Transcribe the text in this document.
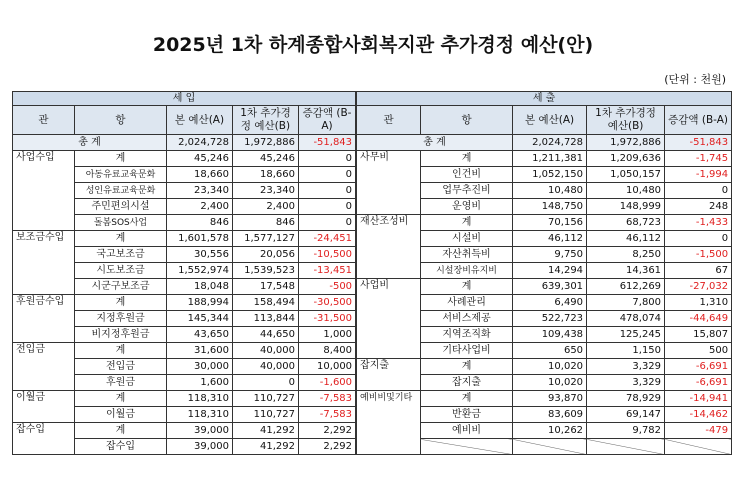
2025년 1차 하계종합사회복지관 추가경정 예산(안)
(단위 : 천원)
세 입				
관	항	본 예산(A)	1차 추가경정 예산(B)	증감액 (B-A)
총 계		2,024,728	1,972,886	-51,843
사업수입	계	45,246	45,246	0
	아동유료교육문화	18,660	18,660	0
	성인유료교육문화	23,340	23,340	0
	주민편의시설	2,400	2,400	0
	돌봄SOS사업	846	846	0
보조금수입	계	1,601,578	1,577,127	-24,451
	국고보조금	30,556	20,056	-10,500
	시도보조금	1,552,974	1,539,523	-13,451
	시군구보조금	18,048	17,548	-500
후원금수입	계	188,994	158,494	-30,500
	지정후원금	145,344	113,844	-31,500
	비지정후원금	43,650	44,650	1,000
전입금	계	31,600	40,000	8,400
	전입금	30,000	40,000	10,000
	후원금	1,600	0	-1,600
이월금	계	118,310	110,727	-7,583
	이월금	118,310	110,727	-7,583
잡수입	계	39,000	41,292	2,292
	잡수입	39,000	41,292	2,292
세 출				
관	항	본 예산(A)	1차 추가경정 예산(B)	증감액 (B-A)
총 계		2,024,728	1,972,886	-51,843
사무비	계	1,211,381	1,209,636	-1,745
	인건비	1,052,150	1,050,157	-1,994
	업무추진비	10,480	10,480	0
	운영비	148,750	148,999	248
재산조성비	계	70,156	68,723	-1,433
	시설비	46,112	46,112	0
	자산취득비	9,750	8,250	-1,500
	시설장비유지비	14,294	14,361	67
사업비	계	639,301	612,269	-27,032
	사례관리	6,490	7,800	1,310
	서비스제공	522,723	478,074	-44,649
	지역조직화	109,438	125,245	15,807
	기타사업비	650	1,150	500
잡지출	계	10,020	3,329	-6,691
	잡지출	10,020	3,329	-6,691
예비비및기타	계	93,870	78,929	-14,941
	반환금	83,609	69,147	-14,462
	예비비	10,262	9,782	-479
